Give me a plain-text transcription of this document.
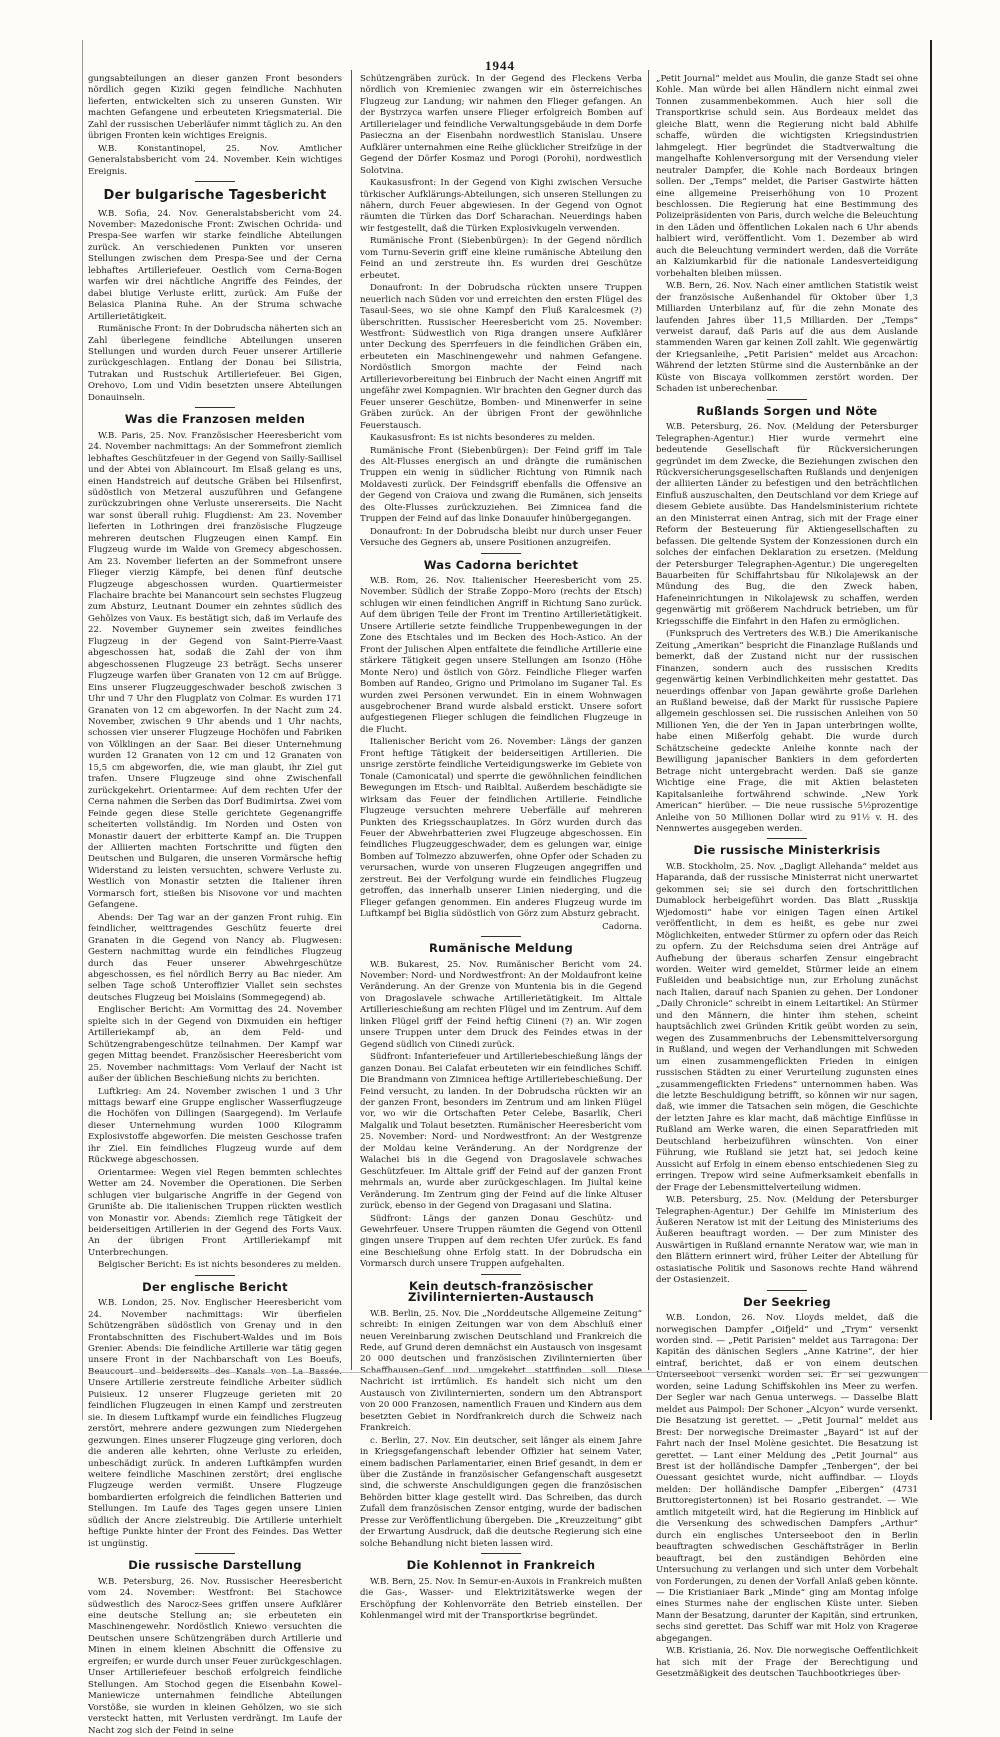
1944

gungsabteilungen an dieser ganzen Front besonders nördlich gegen Kiziki gegen feindliche Nachhuten lieferten, entwickelten sich zu unseren Gunsten. Wir machten Gefangene und erbeuteten Kriegsmaterial. Die Zahl der russischen Ueberläufer nimmt täglich zu. An den übrigen Fronten kein wichtiges Ereignis.

W.B. Konstantinopel, 25. Nov. Amtlicher Generalstabsbericht vom 24. November. Kein wichtiges Ereignis.

Der bulgarische Tagesbericht

W.B. Sofia, 24. Nov. Generalstabsbericht vom 24. November: Mazedonische Front: Zwischen Ochrida- und Prespa-See warfen wir starke feindliche Abteilungen zurück. An verschiedenen Punkten vor unseren Stellungen zwischen dem Prespa-See und der Cerna lebhaftes Artilleriefeuer. Oestlich vom Cerna-Bogen warfen wir drei nächtliche Angriffe des Feindes, der dabei blutige Verluste erlitt, zurück. Am Fuße der Belasica Planina Ruhe. An der Struma schwache Artillerietätigkeit.

Rumänische Front: In der Dobrudscha näherten sich an Zahl überlegene feindliche Abteilungen unseren Stellungen und wurden durch Feuer unserer Artillerie zurückgeschlagen. Entlang der Donau bei Silistria, Tutrakan und Rustschuk Artilleriefeuer. Bei Gigen, Orehovo, Lom und Vidin besetzten unsere Abteilungen Donauinseln.

Was die Franzosen melden

W.B. Paris, 25. Nov. Französischer Heeresbericht vom 24. November nachmittags: An der Sommefront ziemlich lebhaftes Geschützfeuer in der Gegend von Sailly-Saillisel und der Abtei von Ablaincourt. Im Elsaß gelang es uns, einen Handstreich auf deutsche Gräben bei Hilsenfirst, südöstlich von Metzeral auszuführen und Gefangene zurückzubringen ohne Verluste unsererseits. Die Nacht war sonst überall ruhig. Flugdienst: Am 23. November lieferten in Lothringen drei französische Flugzeuge mehreren deutschen Flugzeugen einen Kampf. Ein Flugzeug wurde im Walde von Gremecy abgeschossen. Am 23. November lieferten an der Sommefront unsere Flieger vierzig Kämpfe, bei denen fünf deutsche Flugzeuge abgeschossen wurden. Quartiermeister Flachaire brachte bei Manancourt sein sechstes Flugzeug zum Absturz, Leutnant Doumer ein zehntes südlich des Gehölzes von Vaux. Es bestätigt sich, daß im Verlaufe des 22. November Guynemer sein zweites feindliches Flugzeug in der Gegend von Saint-Pierre-Vaast abgeschossen hat, sodaß die Zahl der von ihm abgeschossenen Flugzeuge 23 beträgt. Sechs unserer Flugzeuge warfen über Granaten von 12 cm auf Brügge. Eins unserer Flugzeuggeschwader beschoß zwischen 3 Uhr und 7 Uhr den Flugplatz von Colmar. Es wurden 171 Granaten von 12 cm abgeworfen. In der Nacht zum 24. November, zwischen 9 Uhr abends und 1 Uhr nachts, schossen vier unserer Flugzeuge Hochöfen und Fabriken von Völklingen an der Saar. Bei dieser Unternehmung wurden 12 Granaten von 12 cm und 12 Granaten von 15,5 cm abgeworfen, die, wie man glaubt, ihr Ziel gut trafen. Unsere Flugzeuge sind ohne Zwischenfall zurückgekehrt. Orientarmee: Auf dem rechten Ufer der Cerna nahmen die Serben das Dorf Budimirtsa. Zwei vom Feinde gegen diese Stelle gerichtete Gegenangriffe scheiterten vollständig. Im Norden und Osten von Monastir dauert der erbitterte Kampf an. Die Truppen der Alliierten machten Fortschritte und fügten den Deutschen und Bulgaren, die unseren Vormärsche heftig Widerstand zu leisten versuchten, schwere Verluste zu. Westlich von Monastir setzten die Italiener ihren Vormarsch fort, stießen bis Nisovone vor und machten Gefangene.

Abends: Der Tag war an der ganzen Front ruhig. Ein feindlicher, weittragendes Geschütz feuerte drei Granaten in die Gegend von Nancy ab. Flugwesen: Gestern nachmittag wurde ein feindliches Flugzeug durch das Feuer unserer Abwehrgeschütze abgeschossen, es fiel nördlich Berry au Bac nieder. Am selben Tage schoß Unteroffizier Viallet sein sechstes deutsches Flugzeug bei Moislains (Sommegegend) ab.

Englischer Bericht: Am Vormittag des 24. November spielte sich in der Gegend von Dixmuiden ein heftiger Artilleriekampf ab, an dem Feld- und Schützengrabengeschütze teilnahmen. Der Kampf war gegen Mittag beendet. Französischer Heeresbericht vom 25. November nachmittags: Vom Verlauf der Nacht ist außer der üblichen Beschießung nichts zu berichten.

Luftkrieg: Am 24. November zwischen 1 und 3 Uhr mittags bewarf eine Gruppe englischer Wasserflugzeuge die Hochöfen von Dillingen (Saargegend). Im Verlaufe dieser Unternehmung wurden 1000 Kilogramm Explosivstoffe abgeworfen. Die meisten Geschosse trafen ihr Ziel. Ein feindliches Flugzeug wurde auf dem Rückwege abgeschossen.

Orientarmee: Wegen viel Regen bemmten schlechtes Wetter am 24. November die Operationen. Die Serben schlugen vier bulgarische Angriffe in der Gegend von Grunište ab. Die italienischen Truppen rückten westlich von Monastir vor. Abends: Ziemlich rege Tätigkeit der beiderseitigen Artillerien in der Gegend des Forts Vaux. An der übrigen Front Artilleriekampf mit Unterbrechungen.

Belgischer Bericht: Es ist nichts besonderes zu melden.

Der englische Bericht

W.B. London, 25. Nov. Englischer Heeresbericht vom 24. November nachmittags: Wir überfielen Schützengräben südöstlich von Grenay und in den Frontabschnitten des Fischubert-Waldes und im Bois Grenier. Abends: Die feindliche Artillerie war tätig gegen unsere Front in der Nachbarschaft von Les Boeufs, Beaucourt und beiderseits des Kanals von La Bassée. Unsere Artillerie zerstreute feindliche Arbeiter südlich Puisieux. 12 unserer Flugzeuge gerieten mit 20 feindlichen Flugzeugen in einen Kampf und zerstreuten sie. In diesem Luftkampf wurde ein feindliches Flugzeug zerstört, mehrere andere gezwungen zum Niedergehen gezwungen. Eines unserer Flugzeuge ging verloren, doch die anderen alle kehrten, ohne Verluste zu erleiden, unbeschädigt zurück. In anderen Luftkämpfen wurden weitere feindliche Maschinen zerstört; drei englische Flugzeuge werden vermißt. Unsere Flugzeuge bombardierten erfolgreich die feindlichen Batterien und Stellungen. Im Laufe des Tages gegen unsere Linien südlich der Ancre zielstreubig. Die Artillerie unterhielt heftige Punkte hinter der Front des Feindes. Das Wetter ist ungünstig.

Die russische Darstellung

W.B. Petersburg, 26. Nov. Russischer Heeresbericht vom 24. November: Westfront: Bei Stachowce südwestlich des Narocz-Sees griffen unsere Aufklärer eine deutsche Stellung an; sie erbeuteten ein Maschinengewehr. Nordöstlich Kniewo versuchten die Deutschen unsere Schützengräben durch Artillerie und Minen in einem kleinen Abschnitt die Offensive zu ergreifen; er wurde durch unser Feuer zurückgeschlagen. Unser Artilleriefeuer beschoß erfolgreich feindliche Stellungen. Am Stochod gegen die Eisenbahn Kowel–Maniewicze unternahmen feindliche Abteilungen Vorstöße, sie wurden in kleinen Gehölzen, wo sie sich versteckt hatten, mit Verlusten verdrängt. Im Laufe der Nacht zog sich der Feind in seine

Schützengräben zurück. In der Gegend des Fleckens Verba nördlich von Kremieniec zwangen wir ein österreichisches Flugzeug zur Landung; wir nahmen den Flieger gefangen. An der Bystrzyca warfen unsere Flieger erfolgreich Bomben auf Artillerielager und feindliche Verwaltungsgebäude in dem Dorfe Pasieczna an der Eisenbahn nordwestlich Stanislau. Unsere Aufklärer unternahmen eine Reihe glücklicher Streifzüge in der Gegend der Dörfer Kosmaz und Porogi (Porohi), nordwestlich Solotvina.

Kaukasusfront: In der Gegend von Kighi zwischen Versuche türkischer Aufklärungs-Abteilungen, sich unseren Stellungen zu nähern, durch Feuer abgewiesen. In der Gegend von Ognot räumten die Türken das Dorf Scharachan. Neuerdings haben wir festgestellt, daß die Türken Explosivkugeln verwenden.

Rumänische Front (Siebenbürgen): In der Gegend nördlich vom Turnu-Severin griff eine kleine rumänische Abteilung den Feind an und zerstreute ihn. Es wurden drei Geschütze erbeutet.

Donaufront: In der Dobrudscha rückten unsere Truppen neuerlich nach Süden vor und erreichten den ersten Flügel des Tasaul-Sees, wo sie ohne Kampf den Fluß Karalcesmek (?) überschritten. Russischer Heeresbericht vom 25. November: Westfront: Südwestlich von Riga drangen unsere Aufklärer unter Deckung des Sperrfeuers in die feindlichen Gräben ein, erbeuteten ein Maschinengewehr und nahmen Gefangene. Nordöstlich Smorgon machte der Feind nach Artillerievorbereitung bei Einbruch der Nacht einen Angriff mit ungefähr zwei Kompagnien. Wir brachten den Gegner durch das Feuer unserer Geschütze, Bomben- und Minenwerfer in seine Gräben zurück. An der übrigen Front der gewöhnliche Feuerstausch.

Kaukasusfront: Es ist nichts besonderes zu melden.

Rumänische Front (Siebenbürgen): Der Feind griff im Tale des Alt-Flusses energisch an und drängte die rumänischen Truppen ein wenig in südlicher Richtung von Rimnik nach Moldavesti zurück. Der Feindsgriff ebenfalls die Offensive an der Gegend von Craiova und zwang die Rumänen, sich jenseits des Olte-Flusses zurückzuziehen. Bei Zimnicea fand die Truppen der Feind auf das linke Donauufer hinübergegangen.

Donaufront: In der Dobrudscha bleibt nur durch unser Feuer Versuche des Gegners ab, unsere Positionen anzugreifen.

Was Cadorna berichtet

W.B. Rom, 26. Nov. Italienischer Heeresbericht vom 25. November. Südlich der Straße Zoppo–Moro (rechts der Etsch) schlugen wir einen feindlichen Angriff in Richtung Sano zurück. Auf dem übrigen Teile der Front im Trentino Artillerietätigkeit. Unsere Artillerie setzte feindliche Truppenbewegungen in der Zone des Etschtales und im Becken des Hoch-Astico. An der Front der Julischen Alpen entfaltete die feindliche Artillerie eine stärkere Tätigkeit gegen unsere Stellungen am Isonzo (Höhe Monte Nero) und östlich von Görz. Feindliche Flieger warfen Bomben auf Randeo, Grigno und Primolano im Suganer Tal. Es wurden zwei Personen verwundet. Ein in einem Wohnwagen ausgebrochener Brand wurde alsbald erstickt. Unsere sofort aufgestiegenen Flieger schlugen die feindlichen Flugzeuge in die Flucht.

Italienischer Bericht vom 26. November: Längs der ganzen Front heftige Tätigkeit der beiderseitigen Artillerien. Die unsrige zerstörte feindliche Verteidigungswerke im Gebiete von Tonale (Camonicatal) und sperrte die gewöhnlichen feindlichen Bewegungen im Etsch- und Raibltal. Außerdem beschädigte sie wirksam das Feuer der feindlichen Artillerie. Feindliche Flugzeuge versuchten mehrere Ueberfälle auf mehreren Punkten des Kriegsschauplatzes. In Görz wurden durch das Feuer der Abwehrbatterien zwei Flugzeuge abgeschossen. Ein feindliches Flugzeuggeschwader, dem es gelungen war, einige Bomben auf Tolmezzo abzuwerfen, ohne Opfer oder Schaden zu verursachen, wurde von unseren Flugzeugen angegriffen und zerstreut. Bei der Verfolgung wurde ein feindliches Flugzeug getroffen, das innerhalb unserer Linien niederging, und die Flieger gefangen genommen. Ein anderes Flugzeug wurde im Luftkampf bei Biglia südöstlich von Görz zum Absturz gebracht.

Cadorna.

Rumänische Meldung

W.B. Bukarest, 25. Nov. Rumänischer Bericht vom 24. November: Nord- und Nordwestfront: An der Moldaufront keine Veränderung. An der Grenze von Muntenia bis in die Gegend von Dragoslavele schwache Artillerietätigkeit. Im Alttale Artillerieschießung am rechten Flügel und im Zentrum. Auf dem linken Flügel griff der Feind heftig Ciineni (?) an. Wir zogen unsere Truppen unter dem Druck des Feindes etwas in der Gegend südlich von Ciinedi zurück.

Südfront: Infanteriefeuer und Artilleriebeschießung längs der ganzen Donau. Bei Calafat erbeuteten wir ein feindliches Schiff. Die Brandmann von Zimnicea heftige Artilleriebeschießung. Der Feind versucht, zu landen. In der Dobrudscha rückten wir an der ganzen Front, besonders im Zentrum und am linken Flügel vor, wo wir die Ortschaften Peter Celebe, Basarlik, Cheri Malgalik und Tolaut besetzten. Rumänischer Heeresbericht vom 25. November: Nord- und Nordwestfront: An der Westgrenze der Moldau keine Veränderung. An der Nordgrenze der Walachei bis in die Gegend von Dragoslavele schwaches Geschützfeuer. Im Alttale griff der Feind auf der ganzen Front mehrmals an, wurde aber zurückgeschlagen. Im Jiultal keine Veränderung. Im Zentrum ging der Feind auf die linke Altuser zurück, ebenso in der Gegend von Dragasani und Slatina.

Südfront: Längs der ganzen Donau Geschütz- und Gewehrfeuer. Unsere Truppen räumten die Gegend von Ottenil gingen unsere Truppen auf dem rechten Ufer zurück. Es fand eine Beschießung ohne Erfolg statt. In der Dobrudscha ein Vormarsch durch unsere Truppen aufgehalten.

Kein deutsch-französischer Zivilinternierten-Austausch

W.B. Berlin, 25. Nov. Die „Norddeutsche Allgemeine Zeitung“ schreibt: In einigen Zeitungen war von dem Abschluß einer neuen Vereinbarung zwischen Deutschland und Frankreich die Rede, auf Grund deren demnächst ein Austausch von insgesamt 20 000 deutschen und französischen Zivilinternierten über Schaffhausen–Genf und umgekehrt stattfinden soll. Diese Nachricht ist irrtümlich. Es handelt sich nicht um den Austausch von Zivilinternierten, sondern um den Abtransport von 20 000 Franzosen, namentlich Frauen und Kindern aus dem besetzten Gebiet in Nordfrankreich durch die Schweiz nach Frankreich.

c. Berlin, 27. Nov. Ein deutscher, seit länger als einem Jahre in Kriegsgefangenschaft lebender Offizier hat seinem Vater, einem badischen Parlamentarier, einen Brief gesandt, in dem er über die Zustände in französischer Gefangenschaft ausgesetzt sind, die schwerste Anschuldigungen gegen die französischen Behörden bitter klage gestellt wird. Das Schreiben, das durch Zufall dem französischen Zensor entging, wurde der badischen Presse zur Veröffentlichung übergeben. Die „Kreuzzeitung“ gibt der Erwartung Ausdruck, daß die deutsche Regierung sich eine solche Behandlung nicht bieten lassen wird.

Die Kohlennot in Frankreich

W.B. Bern, 25. Nov. In Semur-en-Auxois in Frankreich mußten die Gas-, Wasser- und Elektrizitätswerke wegen der Erschöpfung der Kohlenvorräte den Betrieb einstellen. Der Kohlenmangel wird mit der Transportkrise begründet.

„Petit Journal“ meldet aus Moulin, die ganze Stadt sei ohne Kohle. Man würde bei allen Händlern nicht einmal zwei Tonnen zusammenbekommen. Auch hier soll die Transportkrise schuld sein. Aus Bordeaux meldet das gleiche Blatt, wenn die Regierung nicht bald Abhilfe schaffe, würden die wichtigsten Kriegsindustrien lahmgelegt. Hier begründet die Stadtverwaltung die mangelhafte Kohlenversorgung mit der Versendung vieler neutraler Dampfer, die Kohle nach Bordeaux bringen sollen. Der „Temps“ meldet, die Pariser Gastwirte hätten eine allgemeine Preiserhöhung von 10 Prozent beschlossen. Die Regierung hat eine Bestimmung des Polizeipräsidenten von Paris, durch welche die Beleuchtung in den Läden und öffentlichen Lokalen nach 6 Uhr abends halbiert wird, veröffentlicht. Vom 1. Dezember ab wird auch die Beleuchtung vermindert werden, daß die Vorräte an Kalziumkarbid für die nationale Landesverteidigung vorbehalten bleiben müssen.

W.B. Bern, 26. Nov. Nach einer amtlichen Statistik weist der französische Außenhandel für Oktober über 1,3 Milliarden Unterbilanz auf, für die zehn Monate des laufenden Jahres über 11,5 Milliarden. Der „Temps“ verweist darauf, daß Paris auf die aus dem Auslande stammenden Waren gar keinen Zoll zahlt. Wie gegenwärtig der Kriegsanleihe, „Petit Parisien“ meldet aus Arcachon: Während der letzten Stürme sind die Austernbänke an der Küste von Biscaya vollkommen zerstört worden. Der Schaden ist unberechenbar.

Rußlands Sorgen und Nöte

W.B. Petersburg, 26. Nov. (Meldung der Petersburger Telegraphen-Agentur.) Hier wurde vermehrt eine bedeutende Gesellschaft für Rückversicherungen gegründet im dem Zwecke, die Beziehungen zwischen den Rückversicherungsgesellschaften Rußlands und denjenigen der alliierten Länder zu befestigen und den beträchtlichen Einfluß auszuschalten, den Deutschland vor dem Kriege auf diesem Gebiete ausübte. Das Handelsministerium richtete an den Ministerrat einen Antrag, sich mit der Frage einer Reform der Besteuerung für Aktiengesellschaften zu befassen. Die geltende System der Konzessionen durch ein solches der einfachen Deklaration zu ersetzen. (Meldung der Petersburger Telegraphen-Agentur.) Die ungeregelten Bauarbeiten für Schiffahrtsbau für Nikolajewsk an der Mündung des Bug, die den Zweck haben, Hafeneinrichtungen in Nikolajewsk zu schaffen, werden gegenwärtig mit größerem Nachdruck betrieben, um für Kriegsschiffe die Einfahrt in den Hafen zu ermöglichen.

(Funkspruch des Vertreters des W.B.) Die Amerikanische Zeitung „Amerikan“ bespricht die Finanzlage Rußlands und bemerkt, daß der Zustand nicht nur der russischen Finanzen, sondern auch des russischen Kredits gegenwärtig keinen Verbindlichkeiten mehr gestattet. Das neuerdings offenbar von Japan gewährte große Darlehen an Rußland beweise, daß der Markt für russische Papiere allgemein geschlossen sei. Die russischen Anleihen von 50 Millionen Yen, die der Yen in Japan unterbringen wollte, habe einen Mißerfolg gehabt. Die wurde durch Schätzscheine gedeckte Anleihe konnte nach der Bewilligung japanischer Bankiers in dem geforderten Betrage nicht untergebracht werden. Daß sie ganze Wichtige eine Frage, die mit Aktien belasteten Kapitalsanleihe fortwährend schwinde. „New York American“ hierüber. — Die neue russische 5½prozentige Anleihe von 50 Millionen Dollar wird zu 91½ v. H. des Nennwertes ausgegeben werden.

Die russische Ministerkrisis

W.B. Stockholm, 25. Nov. „Dagligt Allehanda“ meldet aus Haparanda, daß der russische Ministerrat nicht unerwartet gekommen sei; sie sei durch den fortschrittlichen Dumablock herbeigeführt worden. Das Blatt „Russkija Wjedomosti“ habe vor einigen Tagen einen Artikel veröffentlicht, in dem es heißt, es gebe nur zwei Möglichkeiten, entweder Stürmer zu opfern oder das Reich zu opfern. Zu der Reichsduma seien drei Anträge auf Aufhebung der überaus scharfen Zensur eingebracht worden. Weiter wird gemeldet, Stürmer leide an einem Fußleiden und beabsichtige nun, zur Erholung zunächst nach Italien, darauf nach Spanien zu gehen. Der Londoner „Daily Chronicle“ schreibt in einem Leitartikel: An Stürmer und den Männern, die hinter ihm stehen, scheint hauptsächlich zwei Gründen Kritik geübt worden zu sein, wegen des Zusammenbruchs der Lebensmittelversorgung in Rußland, und wegen der Verhandlungen mit Schweden um einen zusammengeflickten Frieden in einigen russischen Städten zu einer Verurteilung zugunsten eines „zusammengeflickten Friedens“ unternommen haben. Was die letzte Beschuldigung betrifft, so können wir nur sagen, daß, wie immer die Tatsachen sein mögen, die Geschichte der letzten Jahre es klar macht, daß mächtige Einflüsse in Rußland am Werke waren, die einen Separatfrieden mit Deutschland herbeizuführen wünschten. Von einer Führung, wie Rußland sie jetzt hat, sei jedoch keine Aussicht auf Erfolg in einem ebenso entschiedenen Sieg zu erringen. Trepow wird seine Aufmerksamkeit ebenfalls in der Frage der Lebensmittelverteilung widmen.

W.B. Petersburg, 25. Nov. (Meldung der Petersburger Telegraphen-Agentur.) Der Gehilfe im Ministerium des Äußeren Neratow ist mit der Leitung des Ministeriums des Äußeren beauftragt worden. — Der zum Minister des Auswärtigen in Rußland ernannte Neratow war, wie man in den Blättern erinnert wird, früher Leiter der Abteilung für ostasiatische Politik und Sasonows rechte Hand während der Ostasienzeit.

Der Seekrieg

W.B. London, 26. Nov. Lloyds meldet, daß die norwegischen Dampfer „Oifjeld“ und „Trym“ versenkt worden sind. — „Petit Parisien“ meldet aus Tarragona: Der Kapitän des dänischen Seglers „Anne Katrine“, der hier eintraf, berichtet, daß er von einem deutschen Unterseeboot versenkt worden sei. Er sei gezwungen worden, seine Ladung Schiffskohlen ins Meer zu werfen. Der Segler war nach Genua unterwegs. — Dasselbe Blatt meldet aus Paimpol: Der Schoner „Alcyon“ wurde versenkt. Die Besatzung ist gerettet. — „Petit Journal“ meldet aus Brest: Der norwegische Dreimaster „Bayard“ ist auf der Fahrt nach der Insel Molène gesichtet. Die Besatzung ist gerettet. — Lant einer Meldung des „Petit Journal“ aus Brest ist der holländische Dampfer „Tenbergen“, der bei Ouessant gesichtet wurde, nicht auffindbar. — Lloyds melden: Der holländische Dampfer „Eibergen“ (4731 Bruttoregistertonnen) ist bei Rosario gestrandet. — Wie amtlich mitgeteilt wird, hat die Regierung im Hinblick auf die Versenkung des schwedischen Dampfers „Arthur“ durch ein englisches Unterseeboot den in Berlin beauftragten schwedischen Geschäftsträger in Berlin beauftragt, bei den zuständigen Behörden eine Untersuchung zu verlangen und sich unter dem Vorbehalt von Forderungen, zu denen der Vorfall Anlaß geben könnte. — Die Kristianiaer Bark „Minde“ ging am Montag infolge eines Sturmes nahe der englischen Küste unter. Sieben Mann der Besatzung, darunter der Kapitän, sind ertrunken, sechs sind gerettet. Das Schiff war mit Holz von Kragerøe abgegangen.

W.B. Kristiania, 26. Nov. Die norwegische Oeffentlichkeit hat sich mit der Frage der Berechtigung und Gesetzmäßigkeit des deutschen Tauchbootkrieges über-
